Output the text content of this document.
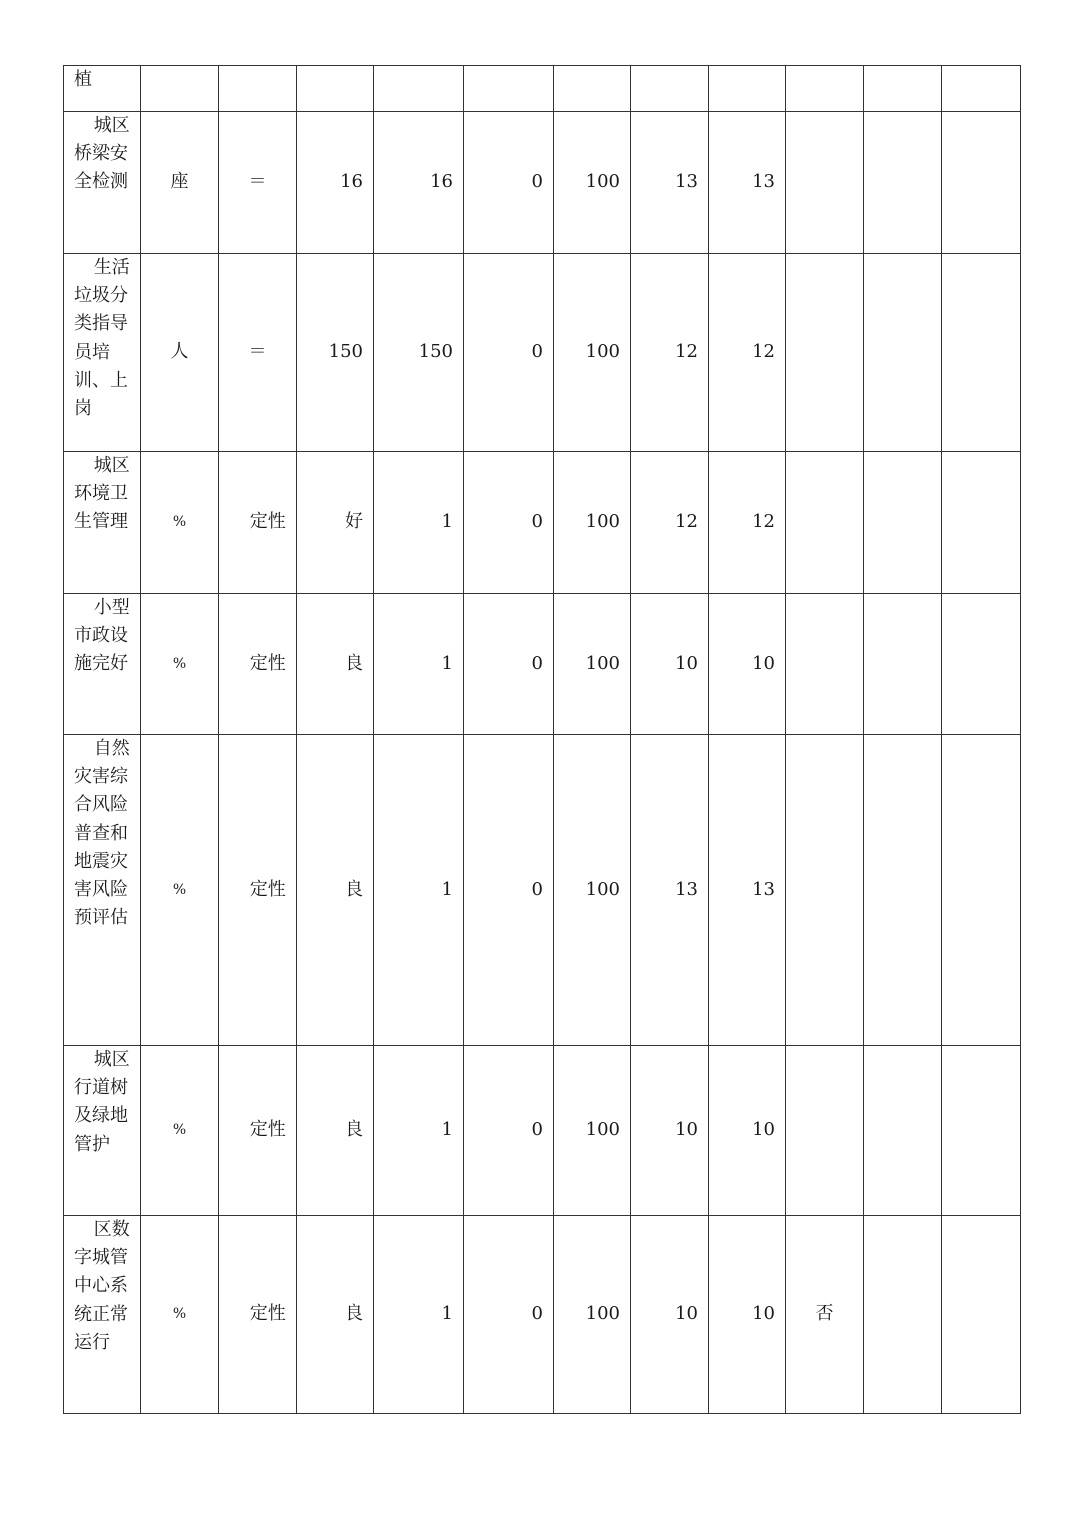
植											
城区桥梁安全检测	座	＝	16	16	0	100	13	13			
生活垃圾分类指导员培训、上岗	人	＝	150	150	0	100	12	12			
城区环境卫生管理	%	定性	好	1	0	100	12	12			
小型市政设施完好	%	定性	良	1	0	100	10	10			
自然灾害综合风险普查和地震灾害风险预评估	%	定性	良	1	0	100	13	13			
城区行道树及绿地管护	%	定性	良	1	0	100	10	10			
区数字城管中心系统正常运行	%	定性	良	1	0	100	10	10	否		
